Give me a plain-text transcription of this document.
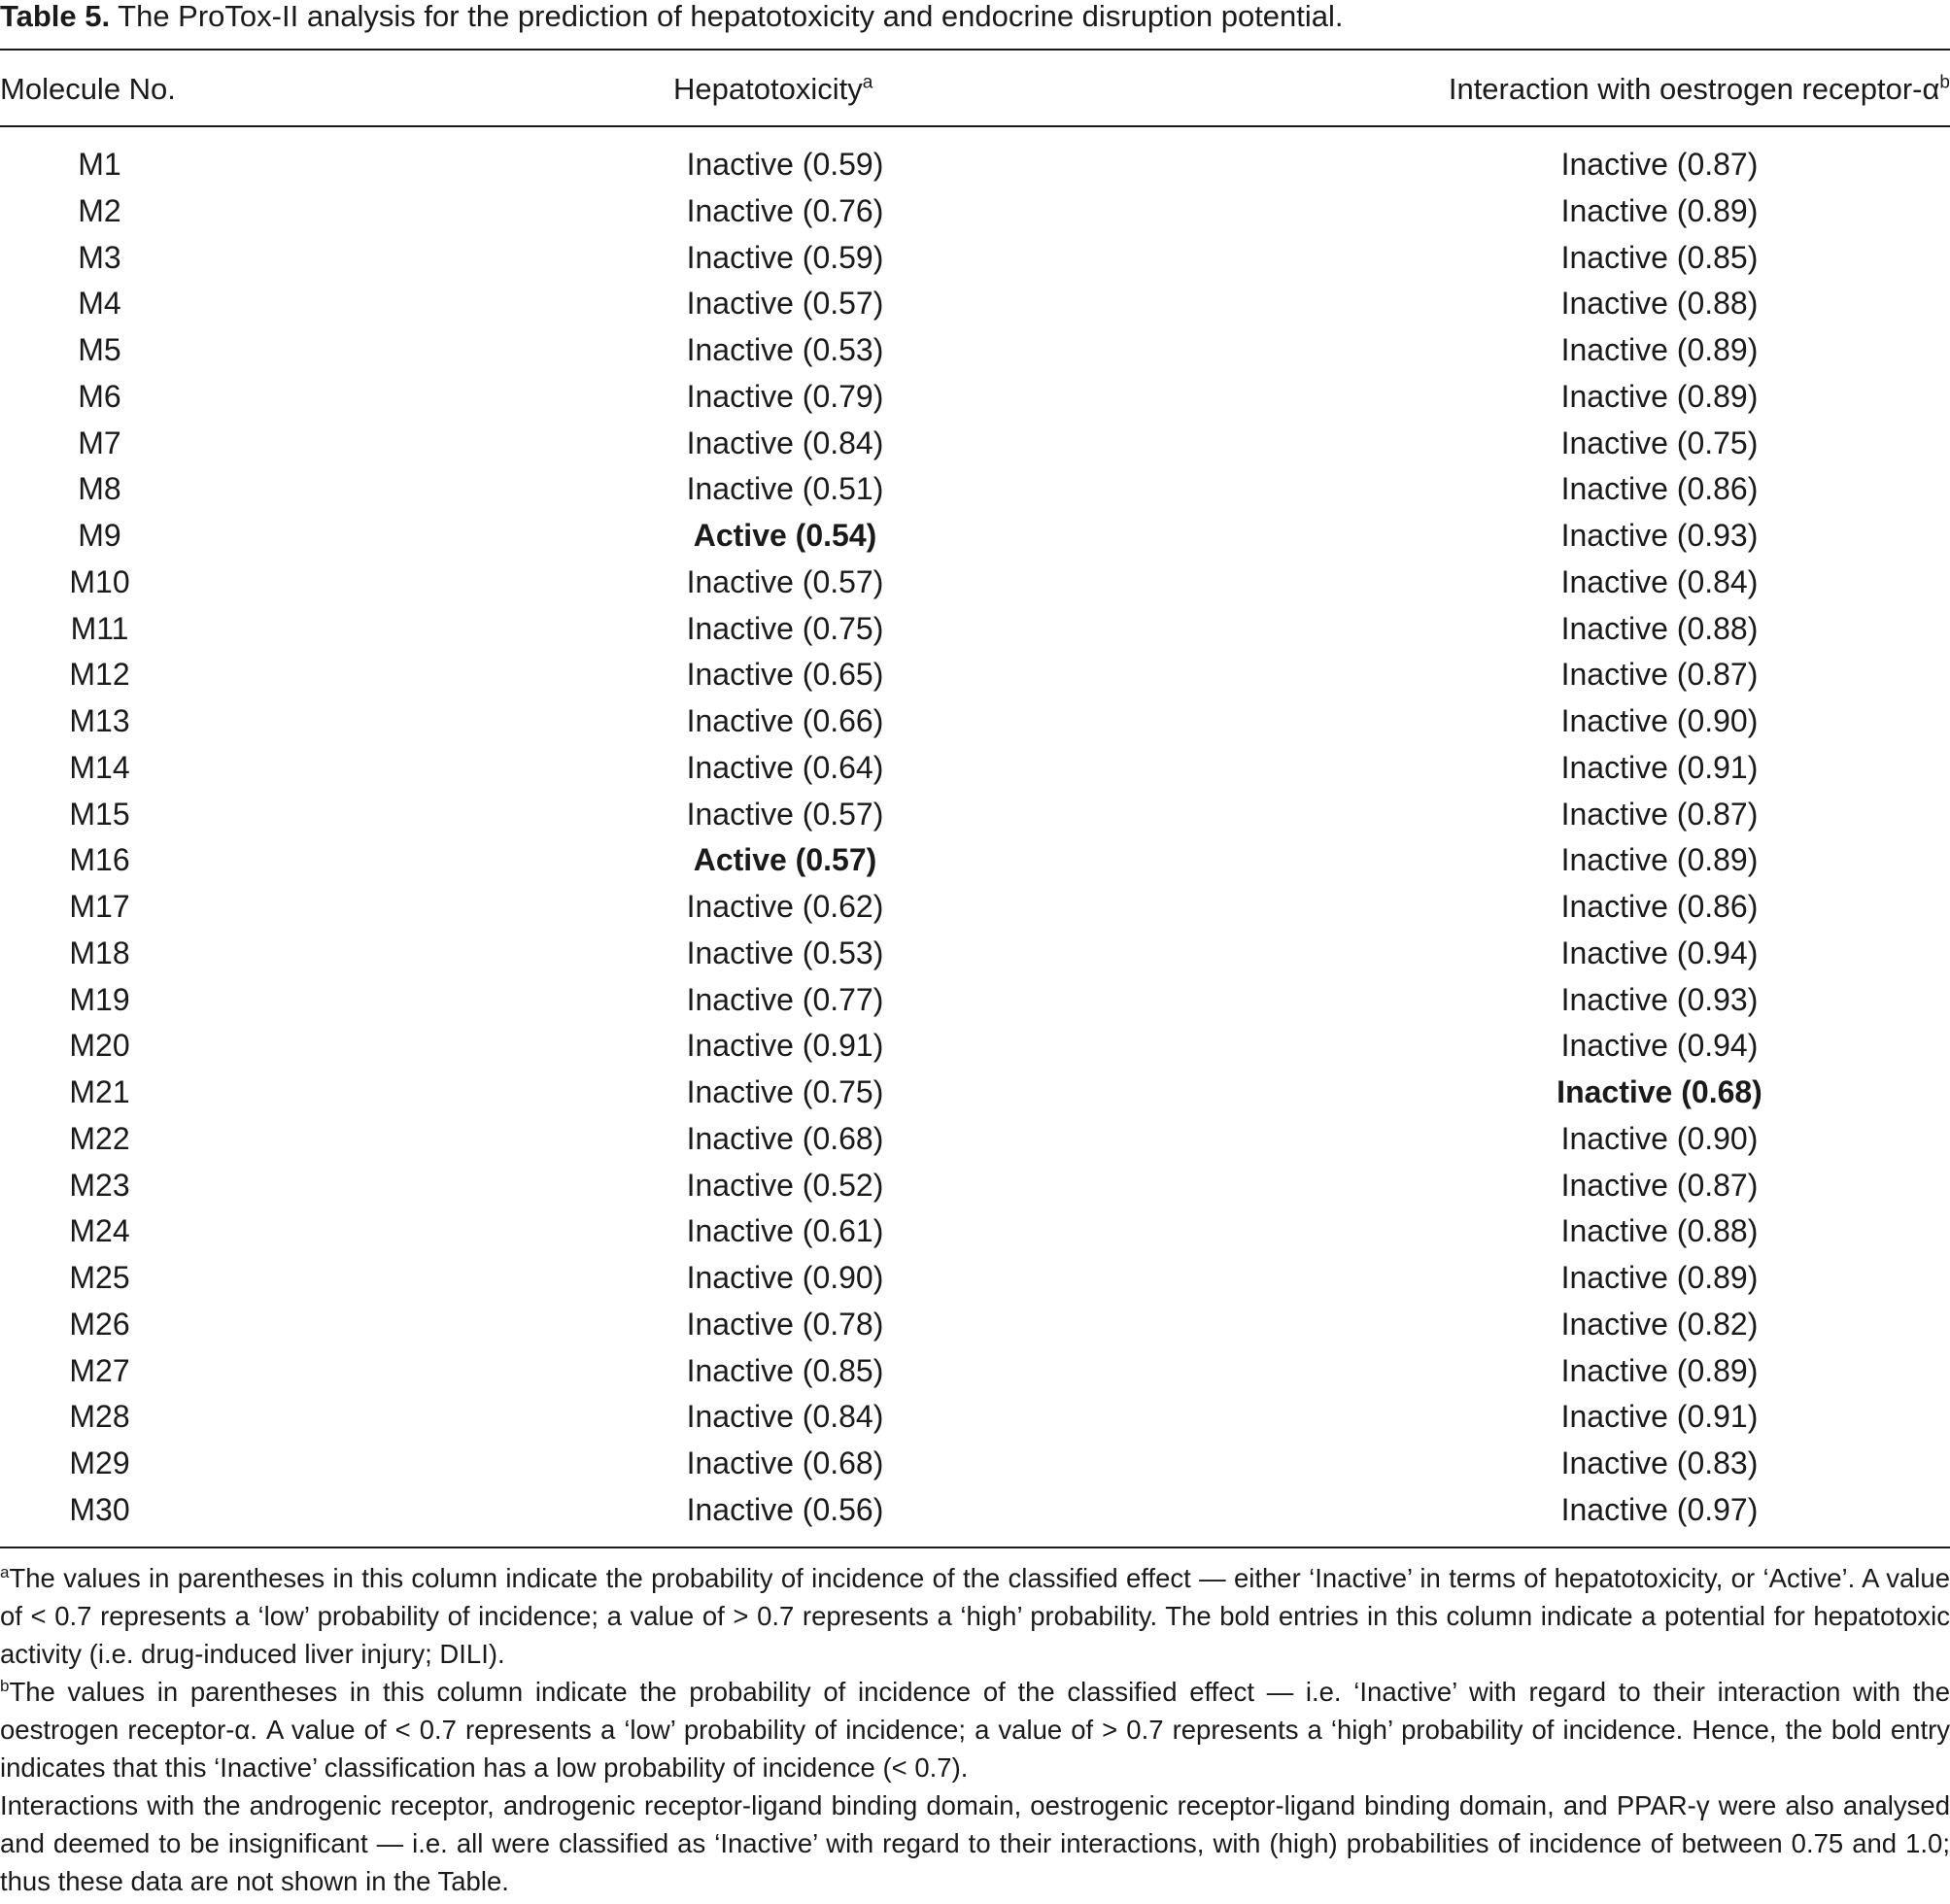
Table 5. The ProTox-II analysis for the prediction of hepatotoxicity and endocrine disruption potential.
Molecule No.	Hepatotoxicity$^a$	Interaction with oestrogen receptor-$\alpha^b$
M1	Inactive (0.59)	Inactive (0.87)
M2	Inactive (0.76)	Inactive (0.89)
M3	Inactive (0.59)	Inactive (0.85)
M4	Inactive (0.57)	Inactive (0.88)
M5	Inactive (0.53)	Inactive (0.89)
M6	Inactive (0.79)	Inactive (0.89)
M7	Inactive (0.84)	Inactive (0.75)
M8	Inactive (0.51)	Inactive (0.86)
M9	Active (0.54)	Inactive (0.93)
M10	Inactive (0.57)	Inactive (0.84)
M11	Inactive (0.75)	Inactive (0.88)
M12	Inactive (0.65)	Inactive (0.87)
M13	Inactive (0.66)	Inactive (0.90)
M14	Inactive (0.64)	Inactive (0.91)
M15	Inactive (0.57)	Inactive (0.87)
M16	Active (0.57)	Inactive (0.89)
M17	Inactive (0.62)	Inactive (0.86)
M18	Inactive (0.53)	Inactive (0.94)
M19	Inactive (0.77)	Inactive (0.93)
M20	Inactive (0.91)	Inactive (0.94)
M21	Inactive (0.75)	Inactive (0.68)
M22	Inactive (0.68)	Inactive (0.90)
M23	Inactive (0.52)	Inactive (0.87)
M24	Inactive (0.61)	Inactive (0.88)
M25	Inactive (0.90)	Inactive (0.89)
M26	Inactive (0.78)	Inactive (0.82)
M27	Inactive (0.85)	Inactive (0.89)
M28	Inactive (0.84)	Inactive (0.91)
M29	Inactive (0.68)	Inactive (0.83)
M30	Inactive (0.56)	Inactive (0.97)

$^a$The values in parentheses in this column indicate the probability of incidence of the classified effect — either ‘Inactive’ in terms of hepatotoxicity, or ‘Active’. A value of < 0.7 represents a ‘low’ probability of incidence; a value of > 0.7 represents a ‘high’ probability. The bold entries in this column indicate a potential for hepatotoxic activity (i.e. drug-induced liver injury; DILI).

$^b$The values in parentheses in this column indicate the probability of incidence of the classified effect — i.e. ‘Inactive’ with regard to their interaction with the oestrogen receptor-α. A value of < 0.7 represents a ‘low’ probability of incidence; a value of > 0.7 represents a ‘high’ probability of incidence. Hence, the bold entry indicates that this ‘Inactive’ classification has a low probability of incidence (< 0.7).

Interactions with the androgenic receptor, androgenic receptor-ligand binding domain, oestrogenic receptor-ligand binding domain, and PPAR-γ were also analysed and deemed to be insignificant — i.e. all were classified as ‘Inactive’ with regard to their interactions, with (high) probabilities of incidence of between 0.75 and 1.0; thus these data are not shown in the Table.
